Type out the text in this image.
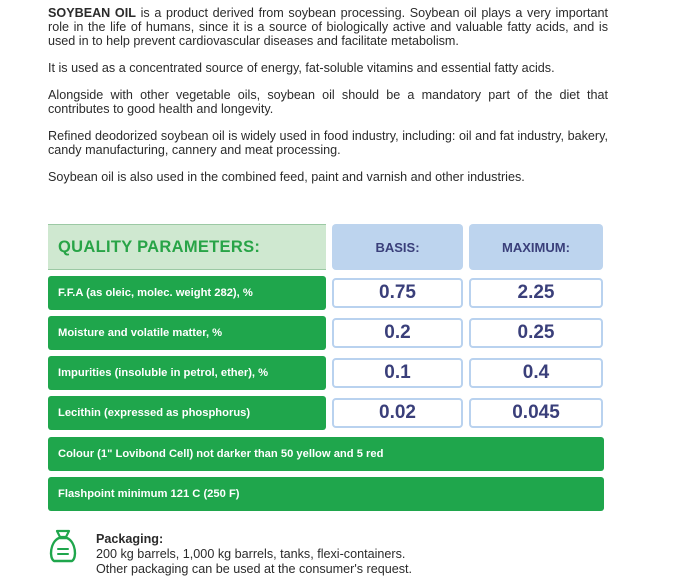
SOYBEAN OIL is a product derived from soybean processing. Soybean oil plays a very important role in the life of humans, since it is a source of biologically active and valuable fatty acids, and is used in to help prevent cardiovascular diseases and facilitate metabolism.

It is used as a concentrated source of energy, fat-soluble vitamins and essential fatty acids.

Alongside with other vegetable oils, soybean oil should be a mandatory part of the diet that contributes to good health and longevity.

Refined deodorized soybean oil is widely used in food industry, including: oil and fat industry, bakery, candy manufacturing, cannery and meat processing.

Soybean oil is also used in the combined feed, paint and varnish and other industries.

QUALITY PARAMETERS:	BASIS:	MAXIMUM:
F.F.A (as oleic, molec. weight 282), %	0.75	2.25
Moisture and volatile matter, %	0.2	0.25
Impurities (insoluble in petrol, ether), %	0.1	0.4
Lecithin (expressed as phosphorus)	0.02	0.045
Colour (1" Lovibond Cell) not darker than 50 yellow and 5 red
Flashpoint minimum 121 C (250 F)
Packaging:
200 kg barrels, 1,000 kg barrels, tanks, flexi-containers.
Other packaging can be used at the consumer's request.
